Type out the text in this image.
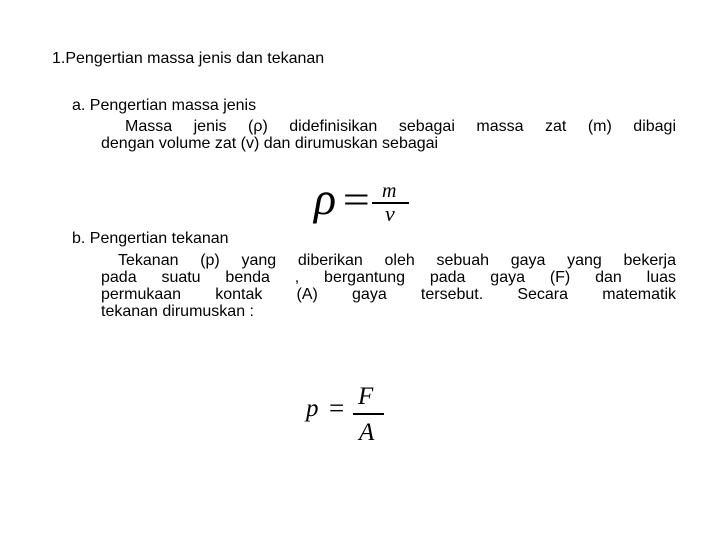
1.Pengertian massa jenis dan tekanan
a. Pengertian massa jenis
Massa jenis (ρ) didefinisikan sebagai massa zat (m) dibagi
dengan volume zat (v) dan dirumuskan sebagai
ρ = m
v
b. Pengertian tekanan
Tekanan (p) yang diberikan oleh sebuah gaya yang bekerja
pada suatu benda , bergantung pada gaya (F) dan luas
permukaan kontak (A) gaya tersebut. Secara matematik
tekanan dirumuskan :
p = F
A
